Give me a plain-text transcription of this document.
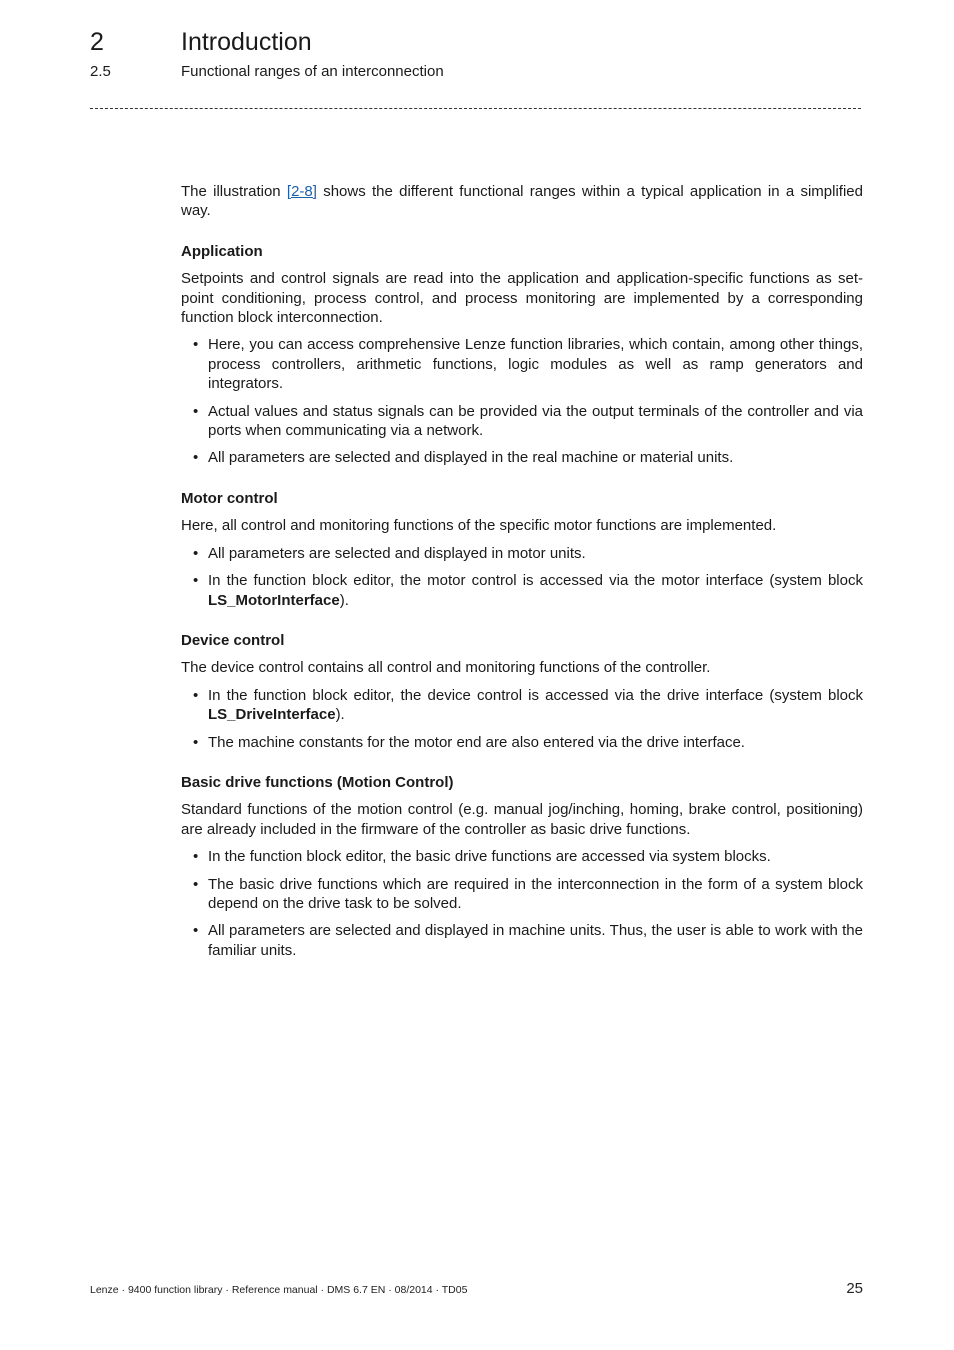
2	Introduction
2.5	Functional ranges of an interconnection

The illustration [2-8] shows the different functional ranges within a typical application in a simplified way.

Application

Setpoints and control signals are read into the application and application-specific functions as setpoint conditioning, process control, and process monitoring are implemented by a corresponding function block interconnection.

• Here, you can access comprehensive Lenze function libraries, which contain, among other things, process controllers, arithmetic functions, logic modules as well as ramp generators and integrators.
• Actual values and status signals can be provided via the output terminals of the controller and via ports when communicating via a network.
• All parameters are selected and displayed in the real machine or material units.
Motor control

Here, all control and monitoring functions of the specific motor functions are implemented.

• All parameters are selected and displayed in motor units.
• In the function block editor, the motor control is accessed via the motor interface (system block LS_MotorInterface).
Device control

The device control contains all control and monitoring functions of the controller.

• In the function block editor, the device control is accessed via the drive interface (system block LS_DriveInterface).
• The machine constants for the motor end are also entered via the drive interface.
Basic drive functions (Motion Control)

Standard functions of the motion control (e.g. manual jog/inching, homing, brake control, positioning) are already included in the firmware of the controller as basic drive functions.

• In the function block editor, the basic drive functions are accessed via system blocks.
• The basic drive functions which are required in the interconnection in the form of a system block depend on the drive task to be solved.
• All parameters are selected and displayed in machine units. Thus, the user is able to work with the familiar units.
Lenze · 9400 function library · Reference manual · DMS 6.7 EN · 08/2014 · TD05	25
